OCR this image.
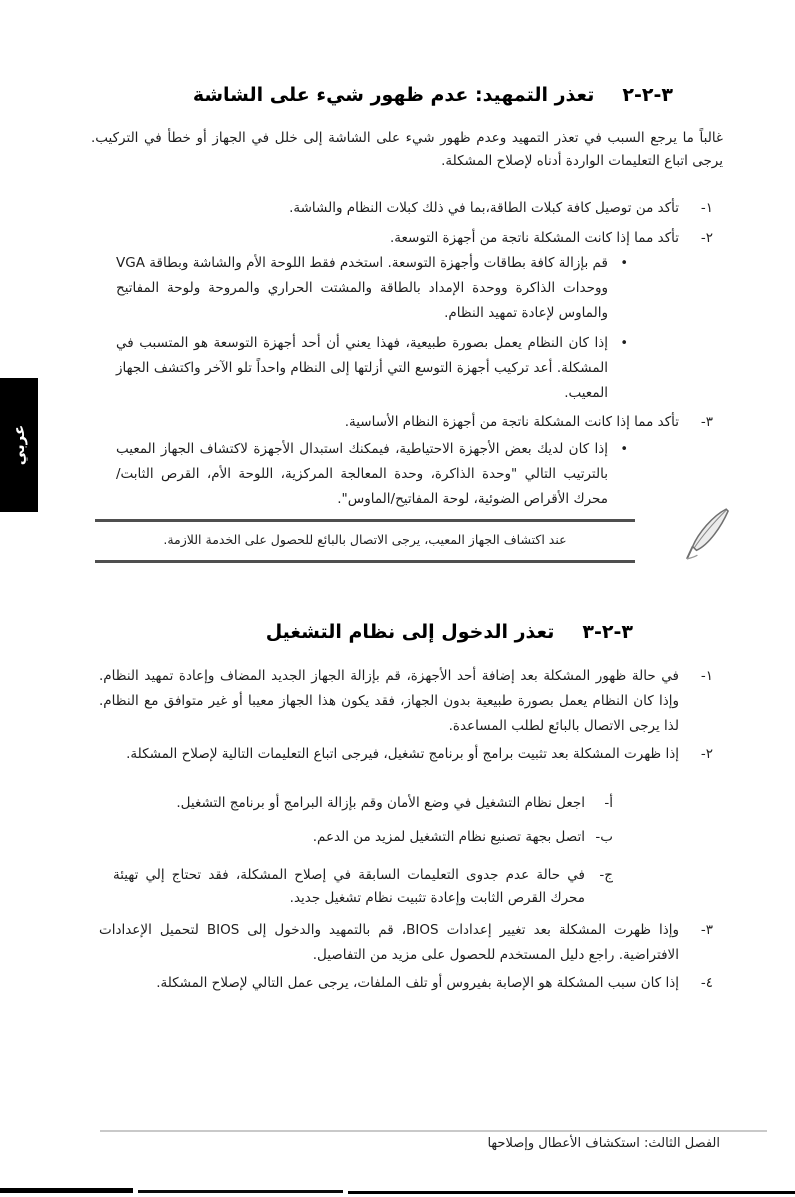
عربي
٣-٢-٢
تعذر التمهيد: عدم ظهور شيء على الشاشة
غالباً ما يرجع السبب في تعذر التمهيد وعدم ظهور شيء على الشاشة إلى خلل في الجهاز أو خطأ في التركيب. يرجى اتباع التعليمات الواردة أدناه لإصلاح المشكلة.
١-
تأكد من توصيل كافة كبلات الطاقة،بما في ذلك كبلات النظام والشاشة.
٢-
تأكد مما إذا كانت المشكلة ناتجة من أجهزة التوسعة.
•
قم بإزالة كافة بطاقات وأجهزة التوسعة. استخدم فقط اللوحة الأم والشاشة وبطاقة VGA ووحدات الذاكرة ووحدة الإمداد بالطاقة والمشتت الحراري والمروحة ولوحة المفاتيح والماوس لإعادة تمهيد النظام.
•
إذا كان النظام يعمل بصورة طبيعية، فهذا يعني أن أحد أجهزة التوسعة هو المتسبب في المشكلة. أعد تركيب أجهزة التوسع التي أزلتها إلى النظام واحداً تلو الآخر واكتشف الجهاز المعيب.
٣-
تأكد مما إذا كانت المشكلة ناتجة من أجهزة النظام الأساسية.
•
إذا كان لديك بعض الأجهزة الاحتياطية، فيمكنك استبدال الأجهزة لاكتشاف الجهاز المعيب بالترتيب التالي "وحدة الذاكرة، وحدة المعالجة المركزية، اللوحة الأم، القرص الثابت/محرك الأقراص الضوئية، لوحة المفاتيح/الماوس".
عند اكتشاف الجهاز المعيب، يرجى الاتصال بالبائع للحصول على الخدمة اللازمة.
٣-٢-٣
تعذر الدخول إلى نظام التشغيل
١-
في حالة ظهور المشكلة بعد إضافة أحد الأجهزة، قم بإزالة الجهاز الجديد المضاف وإعادة تمهيد النظام. وإذا كان النظام يعمل بصورة طبيعية بدون الجهاز، فقد يكون هذا الجهاز معيبا أو غير متوافق مع النظام. لذا يرجى الاتصال بالبائع لطلب المساعدة.
٢-
إذا ظهرت المشكلة بعد تثبيت برامج أو برنامج تشغيل، فيرجى اتباع التعليمات التالية لإصلاح المشكلة.
أ-
اجعل نظام التشغيل في وضع الأمان وقم بإزالة البرامج أو برنامج التشغيل.
ب-
اتصل بجهة تصنيع نظام التشغيل لمزيد من الدعم.
ج-
في حالة عدم جدوى التعليمات السابقة في إصلاح المشكلة، فقد تحتاج إلي تهيئة محرك القرص الثابت وإعادة تثبيت نظام تشغيل جديد.
٣-
وإذا ظهرت المشكلة بعد تغيير إعدادات BIOS، قم بالتمهيد والدخول إلى BIOS لتحميل الإعدادات الافتراضية. راجع دليل المستخدم للحصول على مزيد من التفاصيل.
٤-
إذا كان سبب المشكلة هو الإصابة بفيروس أو تلف الملفات، يرجى عمل التالي لإصلاح المشكلة.
الفصل الثالث: استكشاف الأعطال وإصلاحها
